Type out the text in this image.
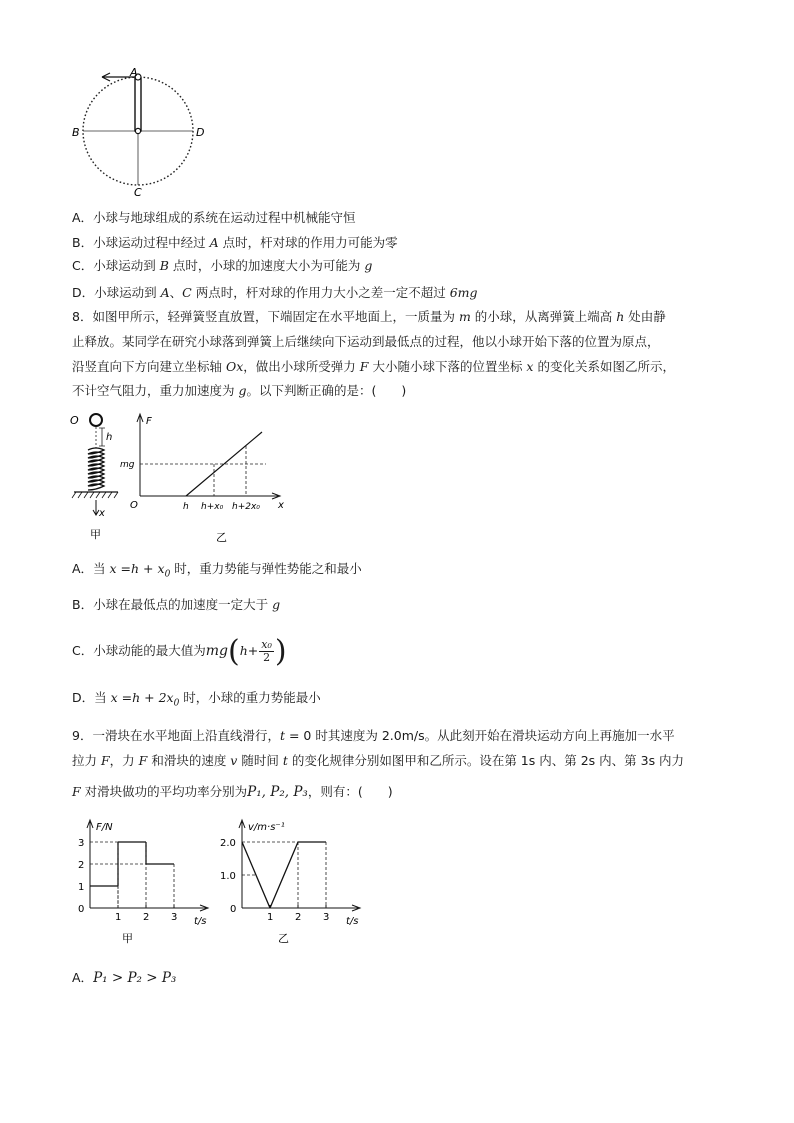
A
B	D
C
A．小球与地球组成的系统在运动过程中机械能守恒
B．小球运动过程中经过 A 点时，杆对球的作用力可能为零
C．小球运动到 B 点时，小球的加速度大小为可能为 g
D．小球运动到 A、C 两点时，杆对球的作用力大小之差一定不超过 6mg
8．如图甲所示，轻弹簧竖直放置，下端固定在水平地面上，一质量为 m 的小球，从离弹簧上端高 h 处由静
止释放。某同学在研究小球落到弹簧上后继续向下运动到最低点的过程，他以小球开始下落的位置为原点，
沿竖直向下方向建立坐标轴 Ox，做出小球所受弹力 F 大小随小球下落的位置坐标 x 的变化关系如图乙所示，
不计空气阻力，重力加速度为 g。以下判断正确的是：(　　)
O
h
x
甲
F
mg
O	x
h h+x₀ h+2x₀
乙
A．当 $x =h + x_0$ 时，重力势能与弹性势能之和最小
B．小球在最低点的加速度一定大于 g
C．小球动能的最大值为$mg(h+ \frac{\text{x₀}}{2}$ )
D．当 $x =h + 2x_0$ 时，小球的重力势能最小
9．一滑块在水平地面上沿直线滑行，t = 0 时其速度为 2.0m/s。从此刻开始在滑块运动方向上再施加一水平
拉力 F，力 F 和滑块的速度 v 随时间 t 的变化规律分别如图甲和乙所示。设在第 1s 内、第 2s 内、第 3s 内力
F 对滑块做功的平均功率分别为P₁, P₂, P₃，则有：(　　)
F/N
t/s
甲
1 2 3
3
2
1
0
v/m·s⁻¹
t/s
乙
1 2 3
2.0
1.0
0
A．P₁ > P₂ > P₃
